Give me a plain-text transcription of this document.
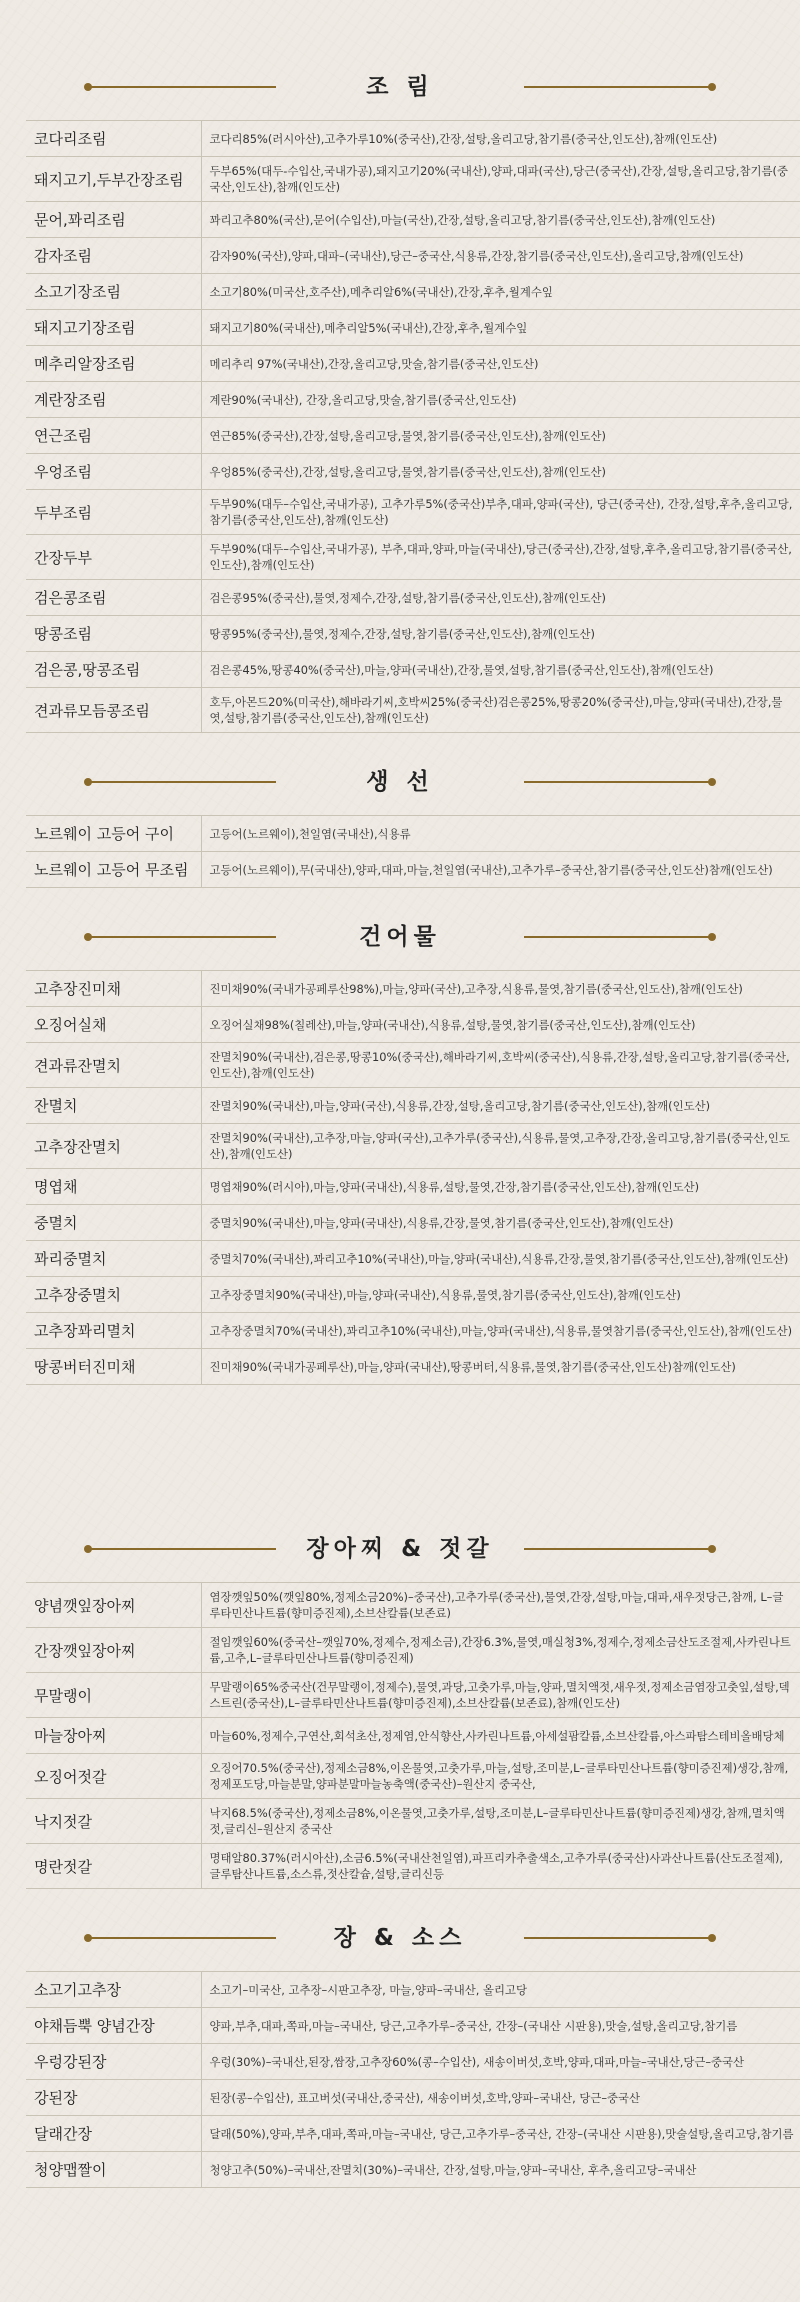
조 림
코다리조림	코다리85%(러시아산),고추가루10%(중국산),간장,설탕,올리고당,참기름(중국산,인도산),참깨(인도산)
돼지고기,두부간장조림	두부65%(대두-수입산,국내가공),돼지고기20%(국내산),양파,대파(국산),당근(중국산),간장,설탕,올리고당,참기름(중국산,인도산),참깨(인도산)
문어,꽈리조림	꽈리고추80%(국산),문어(수입산),마늘(국산),간장,설탕,올리고당,참기름(중국산,인도산),참깨(인도산)
감자조림	감자90%(국산),양파,대파–(국내산),당근–중국산,식용류,간장,참기름(중국산,인도산),올리고당,참깨(인도산)
소고기장조림	소고기80%(미국산,호주산),메추리알6%(국내산),간장,후추,월계수잎
돼지고기장조림	돼지고기80%(국내산),메추리알5%(국내산),간장,후추,월계수잎
메추리알장조림	메리추리 97%(국내산),간장,올리고당,맛술,참기름(중국산,인도산)
계란장조림	계란90%(국내산), 간장,올리고당,맛술,참기름(중국산,인도산)
연근조림	연근85%(중국산),간장,설탕,올리고당,물엿,참기름(중국산,인도산),참깨(인도산)
우엉조림	우엉85%(중국산),간장,설탕,올리고당,물엿,참기름(중국산,인도산),참깨(인도산)
두부조림	두부90%(대두–수입산,국내가공), 고추가루5%(중국산)부추,대파,양파(국산), 당근(중국산), 간장,설탕,후추,올리고당,참기름(중국산,인도산),참깨(인도산)
간장두부	두부90%(대두–수입산,국내가공), 부추,대파,양파,마늘(국내산),당근(중국산),간장,설탕,후추,올리고당,참기름(중국산,인도산),참깨(인도산)
검은콩조림	검은콩95%(중국산),물엿,정제수,간장,설탕,참기름(중국산,인도산),참깨(인도산)
땅콩조림	땅콩95%(중국산),물엿,정제수,간장,설탕,참기름(중국산,인도산),참깨(인도산)
검은콩,땅콩조림	검은콩45%,땅콩40%(중국산),마늘,양파(국내산),간장,물엿,설탕,참기름(중국산,인도산),참깨(인도산)
견과류모듬콩조림	호두,아몬드20%(미국산),해바라기씨,호박씨25%(중국산)검은콩25%,땅콩20%(중국산),마늘,양파(국내산),간장,물엿,설탕,참기름(중국산,인도산),참깨(인도산)
생 선
노르웨이 고등어 구이	고등어(노르웨이),천일염(국내산),식용류
노르웨이 고등어 무조림	고등어(노르웨이),무(국내산),양파,대파,마늘,천일염(국내산),고추가루–중국산,참기름(중국산,인도산)참깨(인도산)
건어물
고추장진미채	진미채90%(국내가공페루산98%),마늘,양파(국산),고추장,식용류,물엿,참기름(중국산,인도산),참깨(인도산)
오징어실채	오징어실채98%(칠레산),마늘,양파(국내산),식용류,설탕,물엿,참기름(중국산,인도산),참깨(인도산)
견과류잔멸치	잔멸치90%(국내산),검은콩,땅콩10%(중국산),해바라기씨,호박씨(중국산),식용류,간장,설탕,올리고당,참기름(중국산,인도산),참깨(인도산)
잔멸치	잔멸치90%(국내산),마늘,양파(국산),식용류,간장,설탕,올리고당,참기름(중국산,인도산),참깨(인도산)
고추장잔멸치	잔멸치90%(국내산),고추장,마늘,양파(국산),고추가루(중국산),식용류,물엿,고추장,간장,올리고당,참기름(중국산,인도산),참깨(인도산)
명엽채	명엽채90%(러시아),마늘,양파(국내산),식용류,설탕,물엿,간장,참기름(중국산,인도산),참깨(인도산)
중멸치	중멸치90%(국내산),마늘,양파(국내산),식용류,간장,물엿,참기름(중국산,인도산),참깨(인도산)
꽈리중멸치	중멸치70%(국내산),꽈리고추10%(국내산),마늘,양파(국내산),식용류,간장,물엿,참기름(중국산,인도산),참깨(인도산)
고추장중멸치	고추장중멸치90%(국내산),마늘,양파(국내산),식용류,물엿,참기름(중국산,인도산),참깨(인도산)
고추장꽈리멸치	고추장중멸치70%(국내산),꽈리고추10%(국내산),마늘,양파(국내산),식용류,물엿참기름(중국산,인도산),참깨(인도산)
땅콩버터진미채	진미채90%(국내가공페루산),마늘,양파(국내산),땅콩버터,식용류,물엿,참기름(중국산,인도산)참깨(인도산)
장아찌 & 젓갈
양념깻잎장아찌	염장깻잎50%(깻잎80%,정제소금20%)–중국산),고추가루(중국산),물엿,간장,설탕,마늘,대파,새우젓당근,참깨, L–글루타민산나트륨(향미증진제),소브산칼륨(보존료)
간장깻잎장아찌	절임깻잎60%(중국산–깻잎70%,정제수,정제소금),간장6.3%,물엿,매실청3%,정제수,정제소금산도조절제,사카린나트륨,고추,L–글루타민산나트륨(향미증진제)
무말랭이	무말랭이65%중국산(건무말랭이,정제수),물엿,과당,고춧가루,마늘,양파,멸치액젓,새우젓,정제소금염장고춧잎,설탕,덱스트린(중국산),L–글루타민산나트륨(향미증진제),소브산칼륨(보존료),참깨(인도산)
마늘장아찌	마늘60%,정제수,구연산,회석초산,정제염,안식향산,사카린나트륨,아세설팜칼륨,소브산칼륨,아스파탐스테비올배당체
오징어젓갈	오징어70.5%(중국산),정제소금8%,이온물엿,고춧가루,마늘,설탕,조미분,L–글루타민산나트륨(향미증진제)생강,참깨,정제포도당,마늘분말,양파분말마늘농축액(중국산)–원산지 중국산,
낙지젓갈	낙지68.5%(중국산),정제소금8%,이온물엿,고춧가루,설탕,조미분,L–글루타민산나트륨(향미증진제)생강,참깨,멸치액젓,글리신–원산지 중국산
명란젓갈	명태알80.37%(러시아산),소금6.5%(국내산천일염),파프리카추출색소,고추가루(중국산)사과산나트륨(산도조절제),글루탐산나트륨,소스류,젓산칼슘,설탕,글리신등
장 & 소스
소고기고추장	소고기–미국산, 고추장–시판고추장, 마늘,양파–국내산, 올리고당
야채듬뿍 양념간장	양파,부추,대파,쪽파,마늘–국내산, 당근,고추가루–중국산, 간장–(국내산 시판용),맛술,설탕,올리고당,참기름
우렁강된장	우렁(30%)–국내산,된장,쌈장,고추장60%(콩–수입산), 새송이버섯,호박,양파,대파,마늘–국내산,당근–중국산
강된장	된장(콩–수입산), 표고버섯(국내산,중국산), 새송이버섯,호박,양파–국내산, 당근–중국산
달래간장	달래(50%),양파,부추,대파,쪽파,마늘–국내산, 당근,고추가루–중국산, 간장–(국내산 시판용),맛술설탕,올리고당,참기름
청양맵짤이	청양고추(50%)–국내산,잔멸치(30%)–국내산, 간장,설탕,마늘,양파–국내산, 후추,올리고당–국내산
